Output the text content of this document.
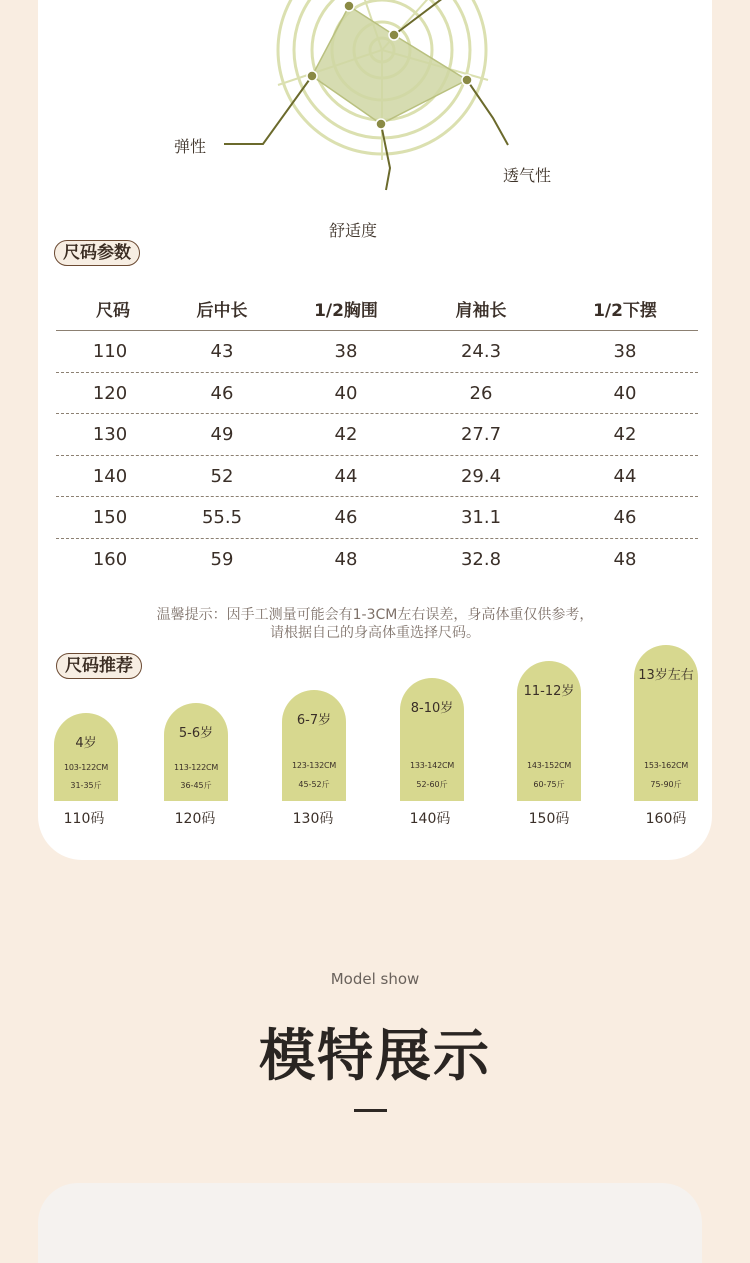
弹性
透气性
舒适度
尺码参数
尺码	后中长	1/2胸围	肩袖长	1/2下摆
110	43	38	24.3	38
120	46	40	26	40
130	49	42	27.7	42
140	52	44	29.4	44
150	55.5	46	31.1	46
160	59	48	32.8	48
温馨提示：因手工测量可能会有1-3CM左右误差，身高体重仅供参考，
请根据自己的身高体重选择尺码。
尺码推荐
4岁
103-122CM
31-35斤
110码
5-6岁
113-122CM
36-45斤
120码
6-7岁
123-132CM
45-52斤
130码
8-10岁
133-142CM
52-60斤
140码
11-12岁
143-152CM
60-75斤
150码
13岁左右
153-162CM
75-90斤
160码
Model show
模特展示
